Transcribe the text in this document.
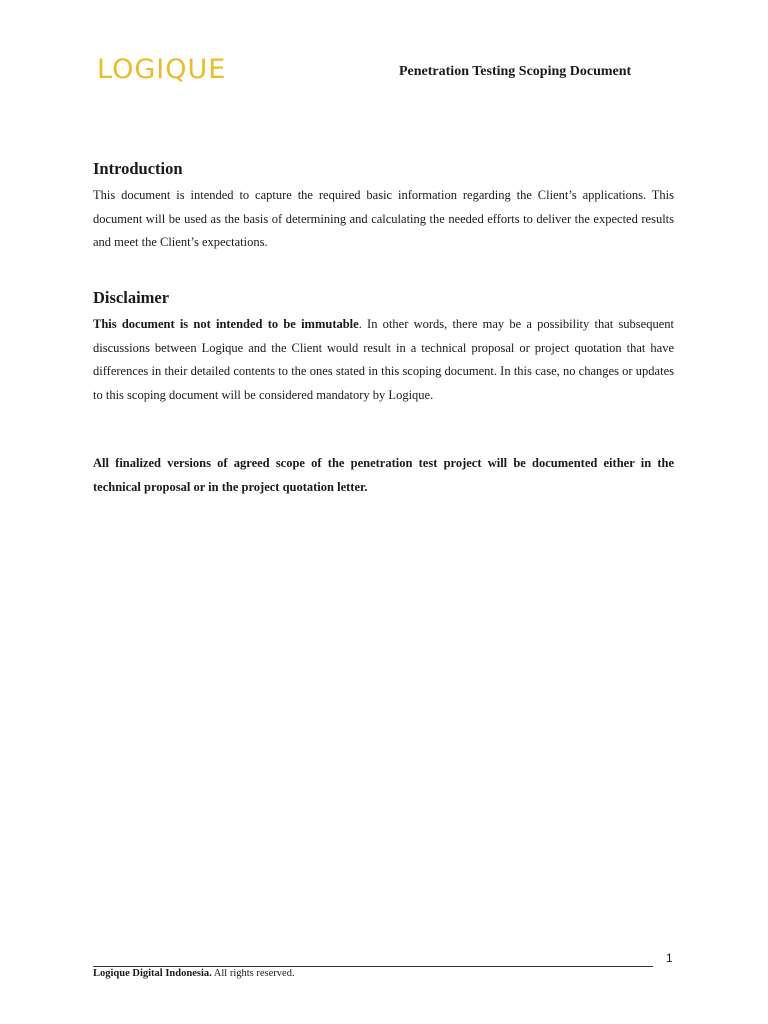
LOGIQUE	Penetration Testing Scoping Document
Introduction
This document is intended to capture the required basic information regarding the Client’s applications. This document will be used as the basis of determining and calculating the needed efforts to deliver the expected results and meet the Client’s expectations.
Disclaimer
This document is not intended to be immutable. In other words, there may be a possibility that subsequent discussions between Logique and the Client would result in a technical proposal or project quotation that have differences in their detailed contents to the ones stated in this scoping document. In this case, no changes or updates to this scoping document will be considered mandatory by Logique.
All finalized versions of agreed scope of the penetration test project will be documented either in the technical proposal or in the project quotation letter.
1
Logique Digital Indonesia. All rights reserved.
